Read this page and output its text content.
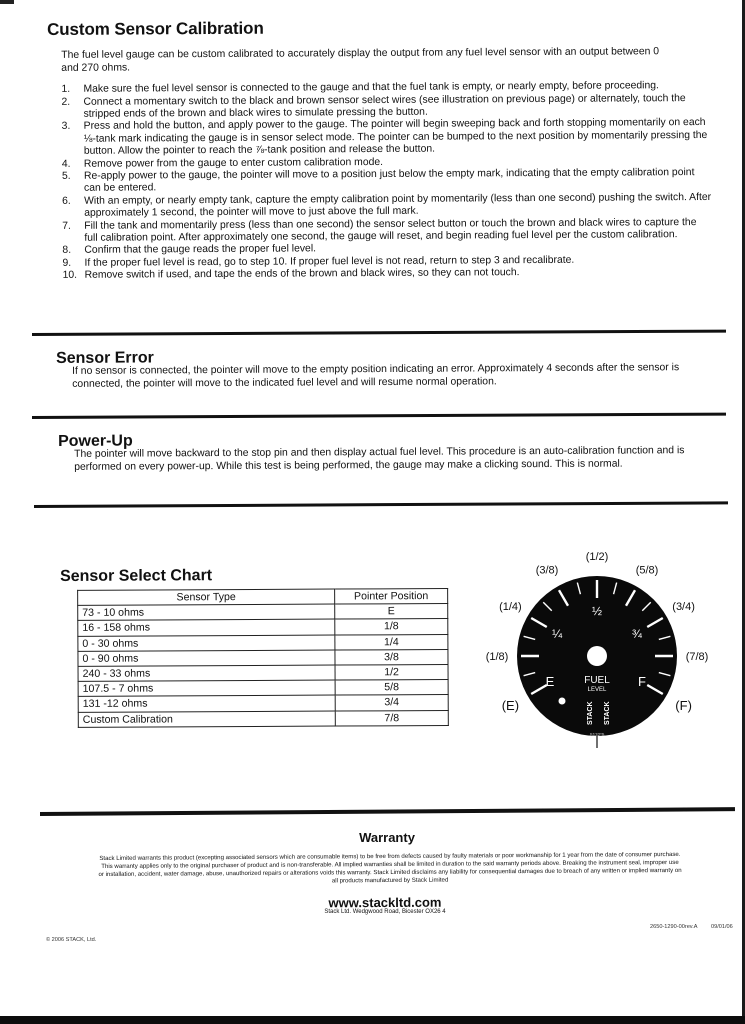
Custom Sensor Calibration

The fuel level gauge can be custom calibrated to accurately display the output from any fuel level sensor with an output between 0 and 270 ohms.

1. Make sure the fuel level sensor is connected to the gauge and that the fuel tank is empty, or nearly empty, before proceeding.
2. Connect a momentary switch to the black and brown sensor select wires (see illustration on previous page) or alternately, touch the stripped ends of the brown and black wires to simulate pressing the button.
3. Press and hold the button, and apply power to the gauge. The pointer will begin sweeping back and forth stopping momentarily on each ⅛-tank mark indicating the gauge is in sensor select mode. The pointer can be bumped to the next position by momentarily pressing the button. Allow the pointer to reach the ⅞-tank position and release the button.
4. Remove power from the gauge to enter custom calibration mode.
5. Re-apply power to the gauge, the pointer will move to a position just below the empty mark, indicating that the empty calibration point can be entered.
6. With an empty, or nearly empty tank, capture the empty calibration point by momentarily (less than one second) pushing the switch. After approximately 1 second, the pointer will move to just above the full mark.
7. Fill the tank and momentarily press (less than one second) the sensor select button or touch the brown and black wires to capture the full calibration point. After approximately one second, the gauge will reset, and begin reading fuel level per the custom calibration.
8. Confirm that the gauge reads the proper fuel level.
9. If the proper fuel level is read, go to step 10. If proper fuel level is not read, return to step 3 and recalibrate.
10. Remove switch if used, and tape the ends of the brown and black wires, so they can not touch.
Sensor Error

If no sensor is connected, the pointer will move to the empty position indicating an error. Approximately 4 seconds after the sensor is connected, the pointer will move to the indicated fuel level and will resume normal operation.

Power-Up

The pointer will move backward to the stop pin and then display actual fuel level. This procedure is an auto-calibration function and is performed on every power-up. While this test is being performed, the gauge may make a clicking sound. This is normal.

Sensor Select Chart
Sensor Type	Pointer Position
73 - 10 ohms	E
16 - 158 ohms	1/8
0 - 30 ohms	1/4
0 - 90 ohms	3/8
240 - 33 ohms	1/2
107.5 - 7 ohms	5/8
131 -12 ohms	3/4
Custom Calibration	7/8
(E)
(1/8)
(1/4)
(3/8)
(1/2)
(5/8)
(3/4)
(7/8)
(F)
¼
½
¾
E	F
FUEL
LEVEL
STACK STACK
S132*5
Warranty
Stack Limited warrants this product (excepting associated sensors which are consumable items) to be free from defects caused by faulty materials or poor workmanship for 1 year from the date of consumer purchase.
This warranty applies only to the original purchaser of product and is non-transferable. All implied warranties shall be limited in duration to the said warranty periods above. Breaking the instrument seal, improper use
or installation, accident, water damage, abuse, unauthorized repairs or alterations voids this warranty. Stack Limited disclaims any liability for consequential damages due to breach of any written or implied warranty on
all products manufactured by Stack Limited
www.stackltd.com
Stack Ltd. Wedgwood Road, Bicester OX26 4
2650-1290-00rev.A 09/01/06
© 2006 STACK, Ltd.
